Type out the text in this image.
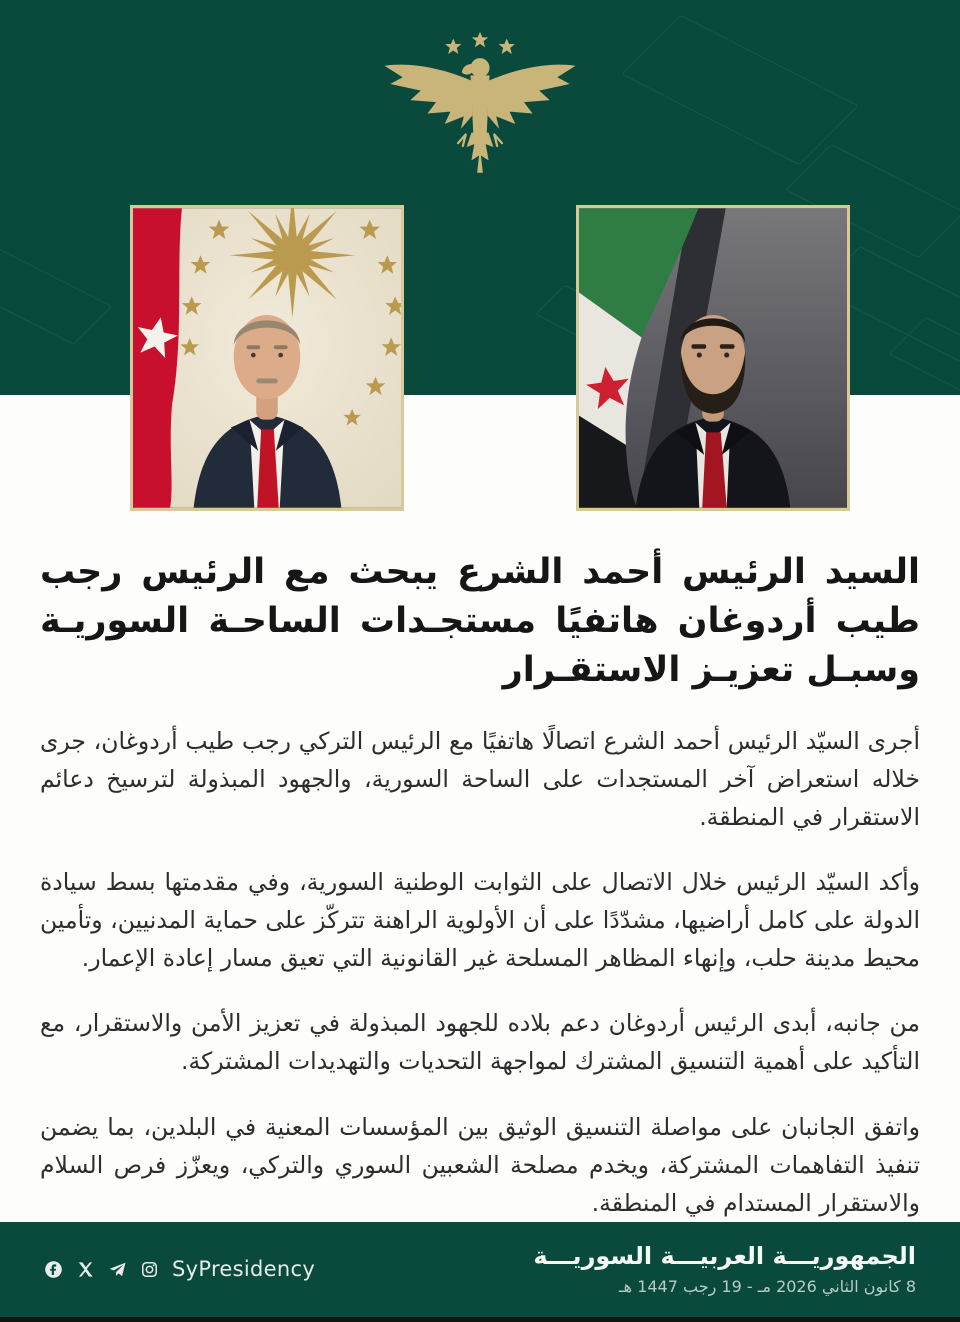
السيد الرئيس أحمد الشرع يبحث مع الرئيس رجب طيب أردوغان هاتفيًا مستجـدات الساحـة السوريـة وسبـل تعزيـز الاستقـرار

أجرى السيّد الرئيس أحمد الشرع اتصالًا هاتفيًا مع الرئيس التركي رجب طيب أردوغان، جرى خلاله استعراض آخر المستجدات على الساحة السورية، والجهود المبذولة لترسيخ دعائم الاستقرار في المنطقة.

وأكد السيّد الرئيس خلال الاتصال على الثوابت الوطنية السورية، وفي مقدمتها بسط سيادة الدولة على كامل أراضيها، مشدّدًا على أن الأولوية الراهنة تتركّز على حماية المدنيين، وتأمين محيط مدينة حلب، وإنهاء المظاهر المسلحة غير القانونية التي تعيق مسار إعادة الإعمار.

من جانبه، أبدى الرئيس أردوغان دعم بلاده للجهود المبذولة في تعزيز الأمن والاستقرار، مع التأكيد على أهمية التنسيق المشترك لمواجهة التحديات والتهديدات المشتركة.

واتفق الجانبان على مواصلة التنسيق الوثيق بين المؤسسات المعنية في البلدين، بما يضمن تنفيذ التفاهمات المشتركة، ويخدم مصلحة الشعبين السوري والتركي، ويعزّز فرص السلام والاستقرار المستدام في المنطقة.

SyPresidency	الجمهوريـــة العربيـــة السوريـــة
8 كانون الثاني 2026 مـ - 19 رجب 1447 هـ
